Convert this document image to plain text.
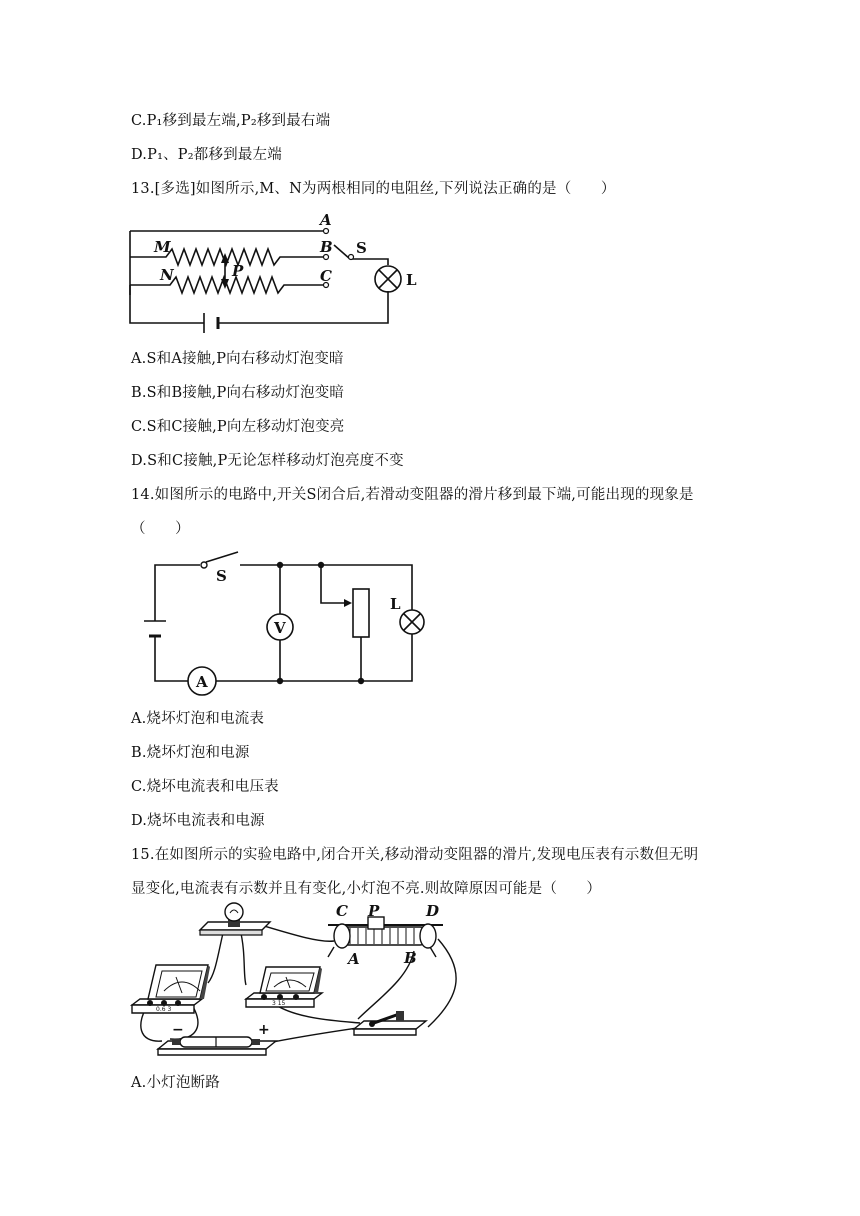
C.P₁移到最左端,P₂移到最右端
D.P₁、P₂都移到最左端
13.[多选]如图所示,M、N为两根相同的电阻丝,下列说法正确的是（　　）
A
B
C
M
N	P
S
L
A.S和A接触,P向右移动灯泡变暗
B.S和B接触,P向右移动灯泡变暗
C.S和C接触,P向左移动灯泡变亮
D.S和C接触,P无论怎样移动灯泡亮度不变
14.如图所示的电路中,开关S闭合后,若滑动变阻器的滑片移到最下端,可能出现的现象是
（　　）
S
V
A
L
A.烧坏灯泡和电流表
B.烧坏灯泡和电源
C.烧坏电流表和电压表
D.烧坏电流表和电源
15.在如图所示的实验电路中,闭合开关,移动滑动变阻器的滑片,发现电压表有示数但无明
显变化,电流表有示数并且有变化,小灯泡不亮.则故障原因可能是（　　）
0.6 3
3 15
−	+
C P	D
A	B
A.小灯泡断路
